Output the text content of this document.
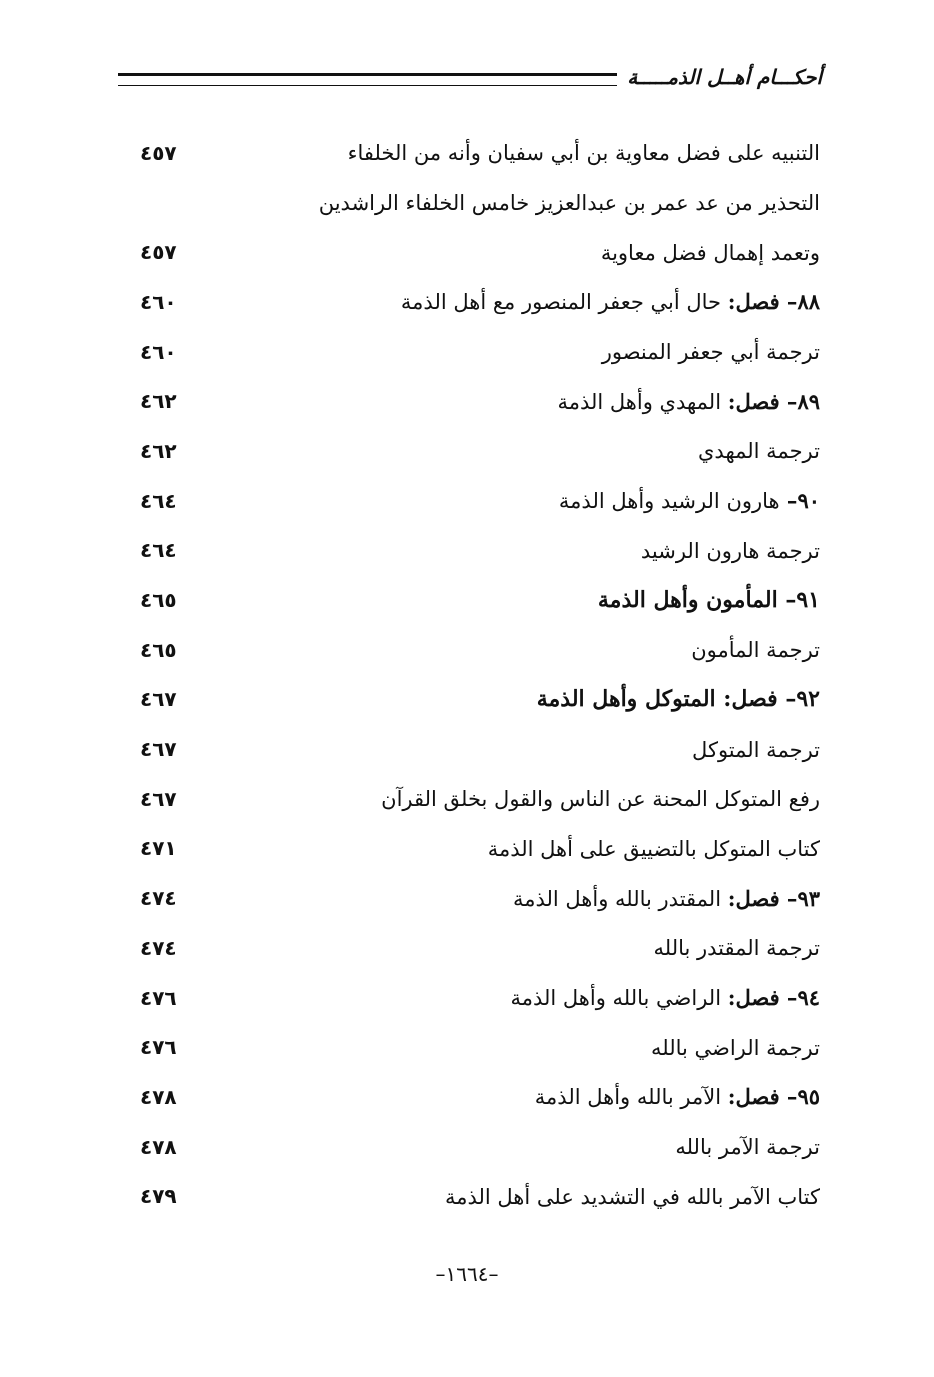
أحكـــام أهــل الذمـــــة
التنبيه على فضل معاوية بن أبي سفيان وأنه من الخلفاء
٤٥٧
التحذير من عد عمر بن عبدالعزيز خامس الخلفاء الراشدين
وتعمد إهمال فضل معاوية
٤٥٧
٨٨– فصل: حال أبي جعفر المنصور مع أهل الذمة
٤٦٠
ترجمة أبي جعفر المنصور
٤٦٠
٨٩– فصل: المهدي وأهل الذمة
٤٦٢
ترجمة المهدي
٤٦٢
٩٠– هارون الرشيد وأهل الذمة
٤٦٤
ترجمة هارون الرشيد
٤٦٤
٩١– المأمون وأهل الذمة
٤٦٥
ترجمة المأمون
٤٦٥
٩٢– فصل: المتوكل وأهل الذمة
٤٦٧
ترجمة المتوكل
٤٦٧
رفع المتوكل المحنة عن الناس والقول بخلق القرآن
٤٦٧
كتاب المتوكل بالتضييق على أهل الذمة
٤٧١
٩٣– فصل: المقتدر بالله وأهل الذمة
٤٧٤
ترجمة المقتدر بالله
٤٧٤
٩٤– فصل: الراضي بالله وأهل الذمة
٤٧٦
ترجمة الراضي بالله
٤٧٦
٩٥– فصل: الآمر بالله وأهل الذمة
٤٧٨
ترجمة الآمر بالله
٤٧٨
كتاب الآمر بالله في التشديد على أهل الذمة
٤٧٩
–١٦٦٤–
